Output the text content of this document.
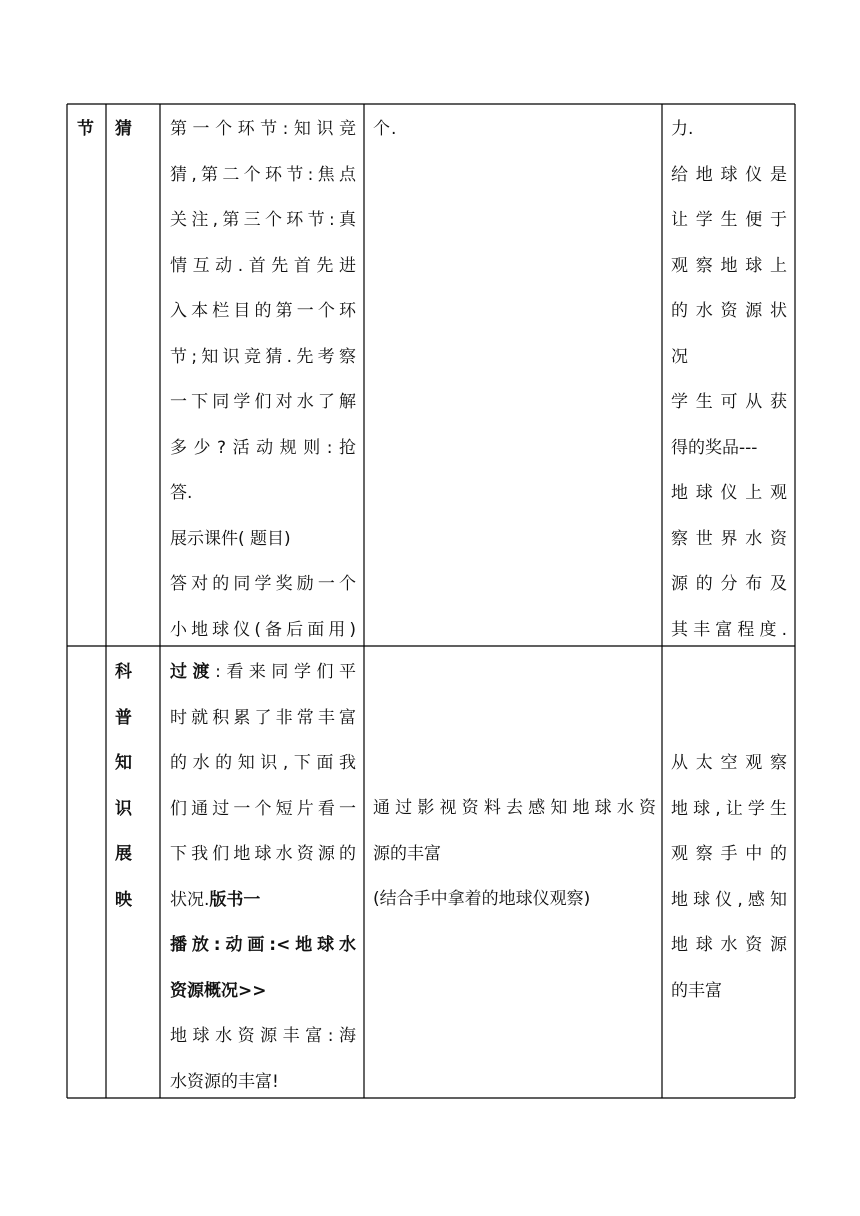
节 猜 第一个环节:知识竞

猜,第二个环节:焦点

关注,第三个环节:真

情互动.首先首先进

入本栏目的第一个环

节;知识竞猜.先考察

一下同学们对水了解

多少?活动规则:抢

答.

展示课件( 题目)

答对的同学奖励一个

小地球仪(备后面用)

个.	力.

给地球仪是

让学生便于

观察地球上

的水资源状

况

学生可从获

得的奖品---

地球仪上观

察世界水资

源的分布及

其丰富程度.

科

普

知

识

展

映

过渡:看来同学们平

时就积累了非常丰富

的水的知识,下面我

们通过一个短片看一

下我们地球水资源的

状况.版书一

播放:动画:<地球水

资源概况>>

地球水资源丰富:海

水资源的丰富!

通过影视资料去感知地球水资

源的丰富

(结合手中拿着的地球仪观察)

从太空观察

地球,让学生

观察手中的

地球仪,感知

地球水资源

的丰富
